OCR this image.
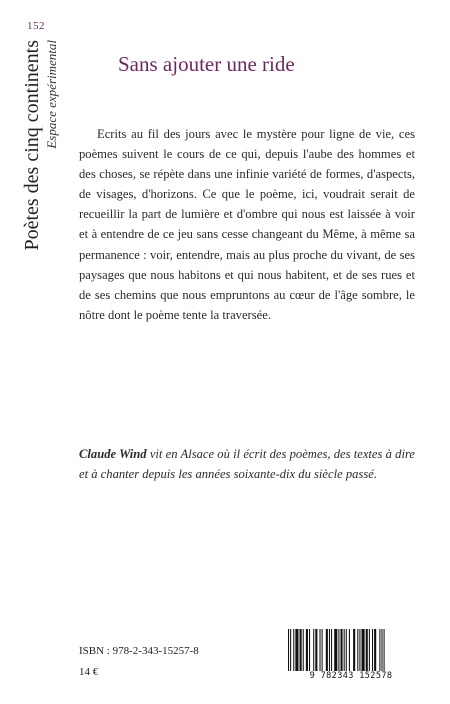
152
Poètes des cinq continents Espace expérimental	Sans ajouter une ride
Ecrits au fil des jours avec le mystère pour ligne de vie, ces poèmes suivent le cours de ce qui, depuis l'aube des hommes et des choses, se répète dans une infinie variété de formes, d'aspects, de visages, d'horizons. Ce que le poème, ici, voudrait serait de recueillir la part de lumière et d'ombre qui nous est laissée à voir et à entendre de ce jeu sans cesse changeant du Même, à même sa permanence : voir, entendre, mais au plus proche du vivant, de ses paysages que nous habitons et qui nous habitent, et de ses rues et de ses chemins que nous empruntons au cœur de l'âge sombre, le nôtre dont le poème tente la traversée.
Claude Wind vit en Alsace où il écrit des poèmes, des textes à dire et à chanter depuis les années soixante-dix du siècle passé.
ISBN : 978-2-343-15257-8
14 €	9 782343 152578
